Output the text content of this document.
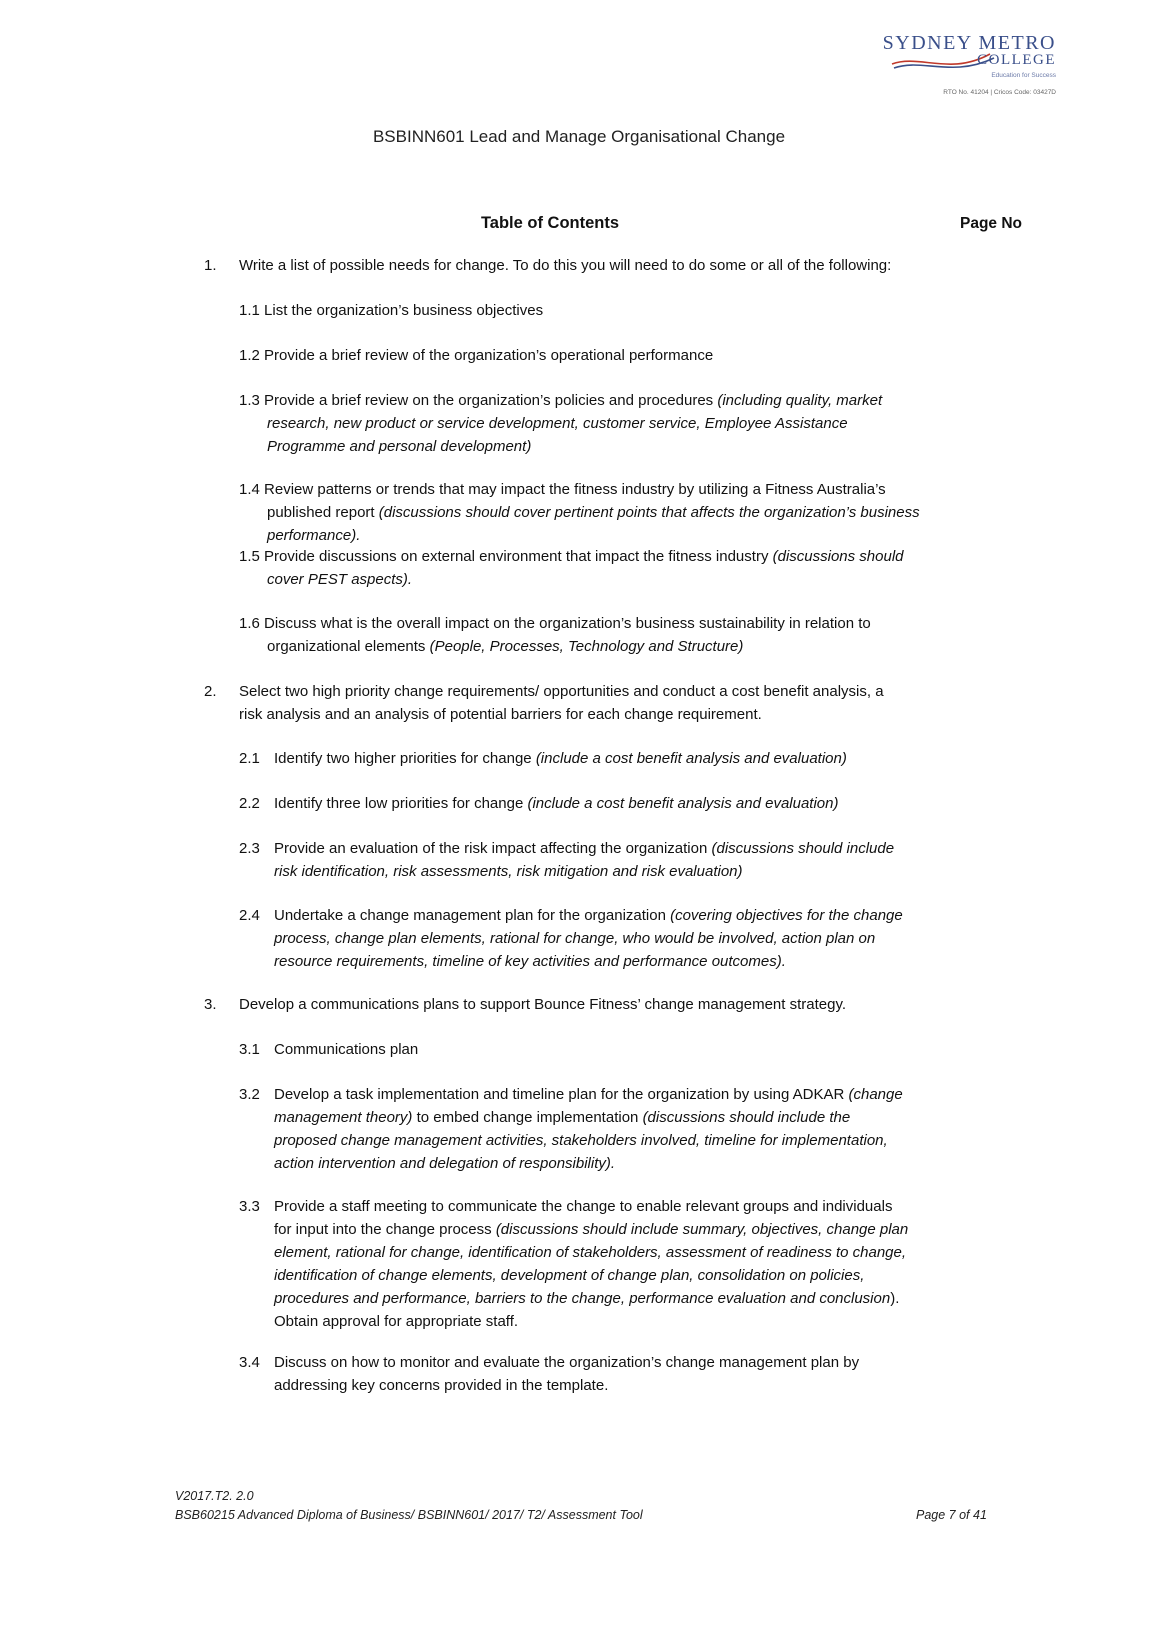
SYDNEY METRO
COLLEGE
Education for Success
RTO No. 41204 | Cricos Code: 03427D
BSBINN601 Lead and Manage Organisational Change
Table of Contents	Page No
1. Write a list of possible needs for change. To do this you will need to do some or all of the following:
1.1 List the organization’s business objectives
1.2 Provide a brief review of the organization’s operational performance
1.3 Provide a brief review on the organization’s policies and procedures (including quality, market research, new product or service development, customer service, Employee Assistance Programme and personal development)
1.4 Review patterns or trends that may impact the fitness industry by utilizing a Fitness Australia’s published report (discussions should cover pertinent points that affects the organization’s business performance).
1.5 Provide discussions on external environment that impact the fitness industry (discussions should cover PEST aspects).
1.6 Discuss what is the overall impact on the organization’s business sustainability in relation to organizational elements (People, Processes, Technology and Structure)
2. Select two high priority change requirements/ opportunities and conduct a cost benefit analysis, a risk analysis and an analysis of potential barriers for each change requirement.
2.1 Identify two higher priorities for change (include a cost benefit analysis and evaluation)
2.2 Identify three low priorities for change (include a cost benefit analysis and evaluation)
2.3 Provide an evaluation of the risk impact affecting the organization (discussions should include risk identification, risk assessments, risk mitigation and risk evaluation)
2.4 Undertake a change management plan for the organization (covering objectives for the change process, change plan elements, rational for change, who would be involved, action plan on resource requirements, timeline of key activities and performance outcomes).
3. Develop a communications plans to support Bounce Fitness’ change management strategy.
3.1 Communications plan
3.2 Develop a task implementation and timeline plan for the organization by using ADKAR (change management theory) to embed change implementation (discussions should include the proposed change management activities, stakeholders involved, timeline for implementation, action intervention and delegation of responsibility).
3.3 Provide a staff meeting to communicate the change to enable relevant groups and individuals for input into the change process (discussions should include summary, objectives, change plan element, rational for change, identification of stakeholders, assessment of readiness to change, identification of change elements, development of change plan, consolidation on policies, procedures and performance, barriers to the change, performance evaluation and conclusion). Obtain approval for appropriate staff.
3.4 Discuss on how to monitor and evaluate the organization’s change management plan by addressing key concerns provided in the template.
V2017.T2. 2.0
BSB60215 Advanced Diploma of Business/ BSBINN601/ 2017/ T2/ Assessment Tool	Page 7 of 41
